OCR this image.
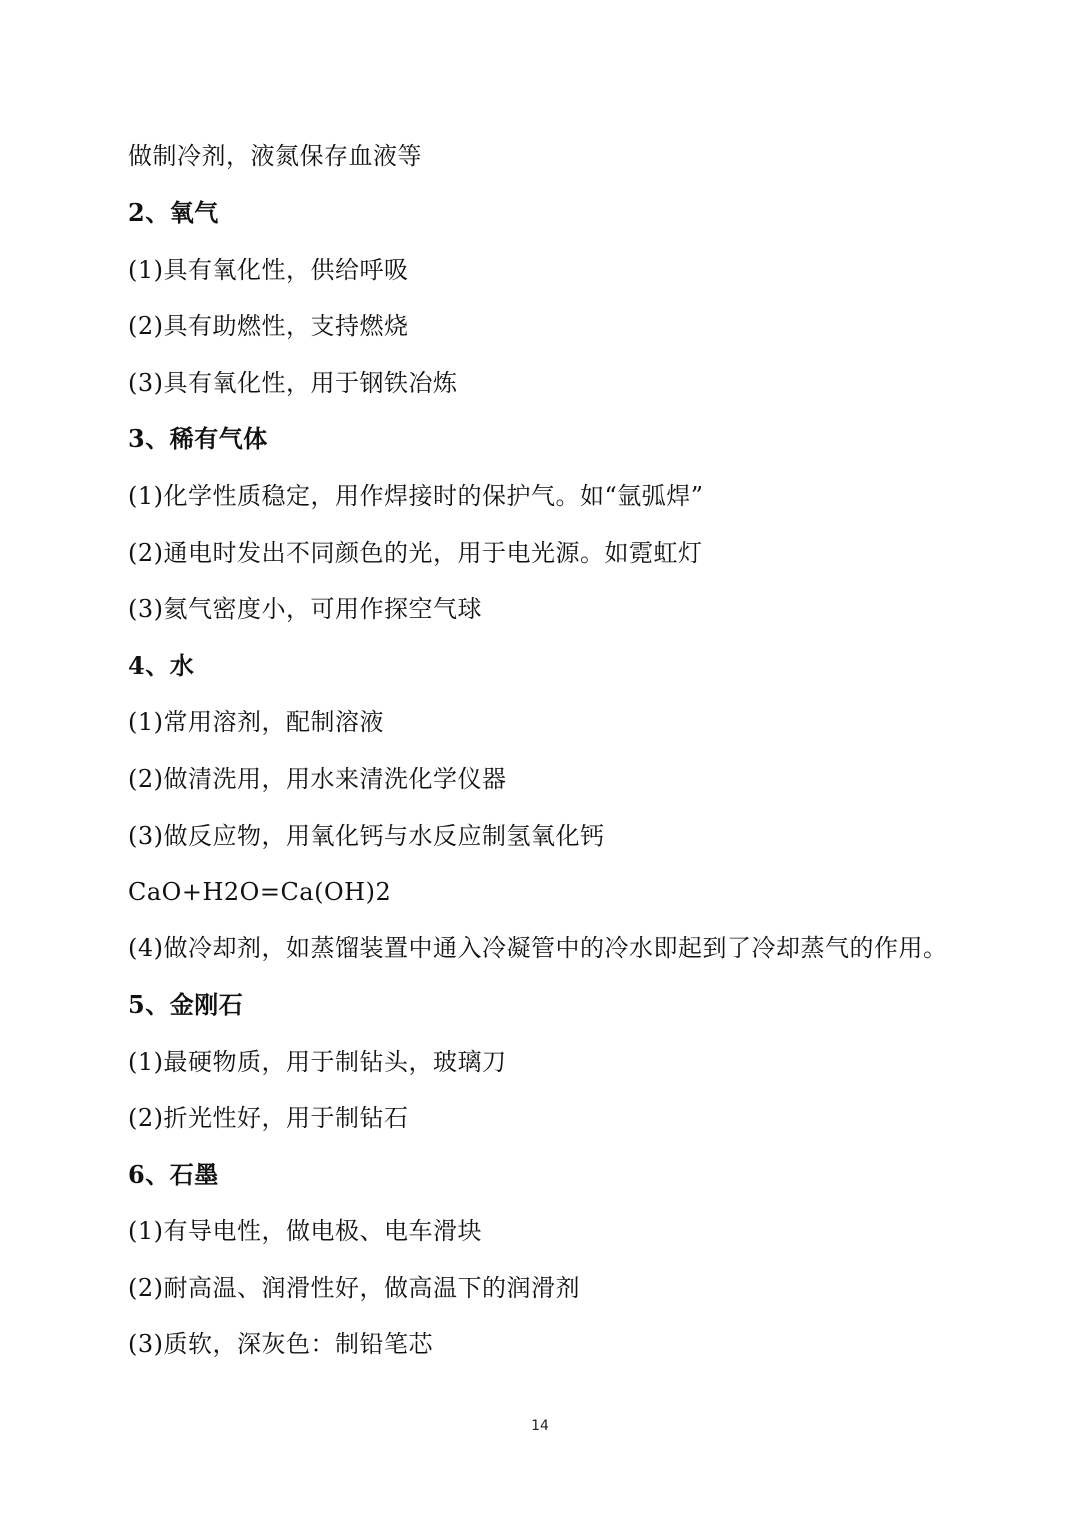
做制冷剂，液氮保存血液等
2、氧气
(1)具有氧化性，供给呼吸
(2)具有助燃性，支持燃烧
(3)具有氧化性，用于钢铁冶炼
3、稀有气体
(1)化学性质稳定，用作焊接时的保护气。如“氩弧焊”
(2)通电时发出不同颜色的光，用于电光源。如霓虹灯
(3)氦气密度小，可用作探空气球
4、水
(1)常用溶剂，配制溶液
(2)做清洗用，用水来清洗化学仪器
(3)做反应物，用氧化钙与水反应制氢氧化钙
CaO+H2O=Ca(OH)2
(4)做冷却剂，如蒸馏装置中通入冷凝管中的冷水即起到了冷却蒸气的作用。
5、金刚石
(1)最硬物质，用于制钻头，玻璃刀
(2)折光性好，用于制钻石
6、石墨
(1)有导电性，做电极、电车滑块
(2)耐高温、润滑性好，做高温下的润滑剂
(3)质软，深灰色：制铅笔芯
14
